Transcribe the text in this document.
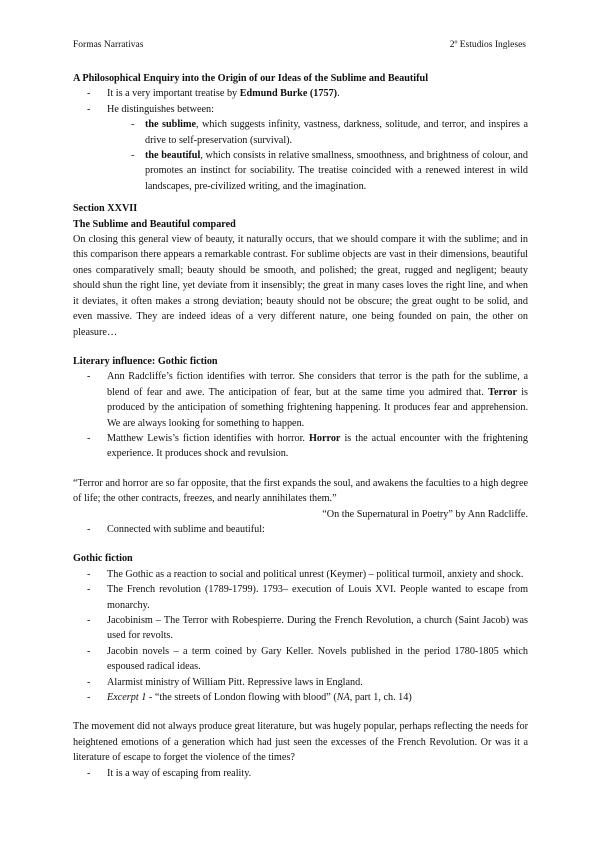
Formas Narrativas	2º Estudios Ingleses

A Philosophical Enquiry into the Origin of our Ideas of the Sublime and Beautiful

- It is a very important treatise by Edmund Burke (1757).
- He distinguishes between:
- the sublime, which suggests infinity, vastness, darkness, solitude, and terror, and inspires a drive to self-preservation (survival).
- the beautiful, which consists in relative smallness, smoothness, and brightness of colour, and promotes an instinct for sociability. The treatise coincided with a renewed interest in wild landscapes, pre-civilized writing, and the imagination.

Section XXVII

The Sublime and Beautiful compared

On closing this general view of beauty, it naturally occurs, that we should compare it with the sublime; and in this comparison there appears a remarkable contrast. For sublime objects are vast in their dimensions, beautiful ones comparatively small; beauty should be smooth, and polished; the great, rugged and negligent; beauty should shun the right line, yet deviate from it insensibly; the great in many cases loves the right line, and when it deviates, it often makes a strong deviation; beauty should not be obscure; the great ought to be solid, and even massive. They are indeed ideas of a very different nature, one being founded on pain, the other on pleasure…

Literary influence: Gothic fiction

- Ann Radcliffe’s fiction identifies with terror. She considers that terror is the path for the sublime, a blend of fear and awe. The anticipation of fear, but at the same time you admired that. Terror is produced by the anticipation of something frightening happening. It produces fear and apprehension. We are always looking for something to happen.
- Matthew Lewis’s fiction identifies with horror. Horror is the actual encounter with the frightening experience. It produces shock and revulsion.

“Terror and horror are so far opposite, that the first expands the soul, and awakens the faculties to a high degree of life; the other contracts, freezes, and nearly annihilates them.”

“On the Supernatural in Poetry” by Ann Radcliffe.

- Connected with sublime and beautiful:

Gothic fiction

- The Gothic as a reaction to social and political unrest (Keymer) – political turmoil, anxiety and shock.
- The French revolution (1789-1799). 1793– execution of Louis XVI. People wanted to escape from monarchy.
- Jacobinism – The Terror with Robespierre. During the French Revolution, a church (Saint Jacob) was used for revolts.
- Jacobin novels – a term coined by Gary Keller. Novels published in the period 1780-1805 which espoused radical ideas.
- Alarmist ministry of William Pitt. Repressive laws in England.
- Excerpt 1 - “the streets of London flowing with blood” (NA, part 1, ch. 14)

The movement did not always produce great literature, but was hugely popular, perhaps reflecting the needs for heightened emotions of a generation which had just seen the excesses of the French Revolution. Or was it a literature of escape to forget the violence of the times?

- It is a way of escaping from reality.
